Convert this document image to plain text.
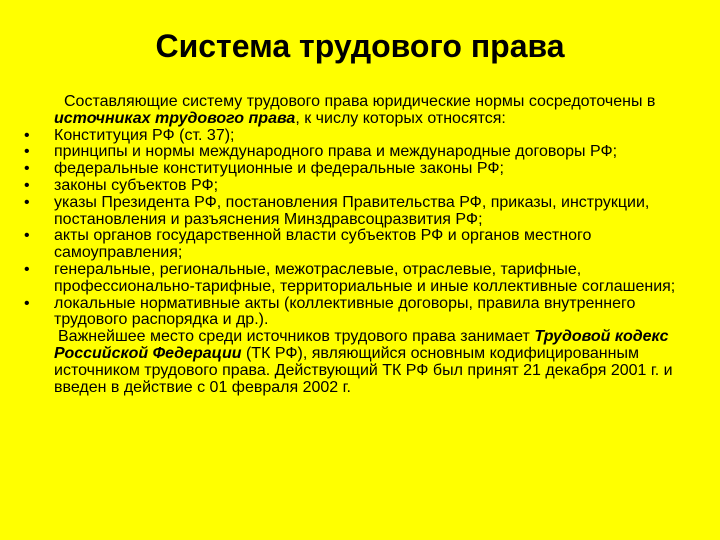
Система трудового права

Составляющие систему трудового права юридические нормы сосредоточены в источниках трудового права, к числу которых относятся:

•	Конституция РФ (ст. 37);
•	принципы и нормы международного права и международные договоры РФ;
•	федеральные конституционные и федеральные законы РФ;
•	законы субъектов РФ;
•	указы Президента РФ, постановления Правительства РФ, приказы, инструкции, постановления и разъяснения Минздравсоцразвития РФ;
•	акты органов государственной власти субъектов РФ и органов местного самоуправления;
•	генеральные, региональные, межотраслевые, отраслевые, тарифные, профессионально-тарифные, территориальные и иные коллективные соглашения;
•	локальные нормативные акты (коллективные договоры, правила внутреннего трудового распорядка и др.).

Важнейшее место среди источников трудового права занимает Трудовой кодекс Российской Федерации (ТК РФ), являющийся основным кодифицированным источником трудового права. Действующий ТК РФ был принят 21 декабря 2001 г. и введен в действие с 01 февраля 2002 г.
